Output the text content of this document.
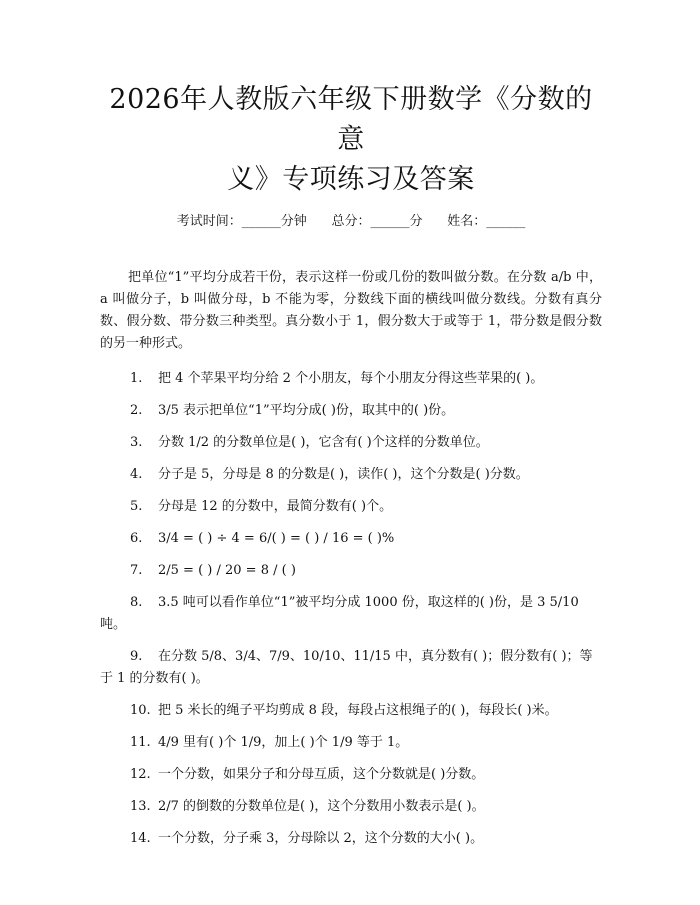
2026年人教版六年级下册数学《分数的意
义》专项练习及答案
考试时间：______分钟      总分：______分      姓名：______

把单位“1”平均分成若干份，表示这样一份或几份的数叫做分数。在分数 a/b 中，a 叫做分子，b 叫做分母，b 不能为零，分数线下面的横线叫做分数线。分数有真分数、假分数、带分数三种类型。真分数小于 1，假分数大于或等于 1，带分数是假分数的另一种形式。

1. 把 4 个苹果平均分给 2 个小朋友，每个小朋友分得这些苹果的( )。
2. 3/5 表示把单位“1”平均分成( )份，取其中的( )份。
3. 分数 1/2 的分数单位是( )，它含有( )个这样的分数单位。
4. 分子是 5，分母是 8 的分数是( )，读作( )，这个分数是( )分数。
5. 分母是 12 的分数中，最简分数有( )个。
6. 3/4 = ( ) ÷ 4 = 6/( ) = ( ) / 16 = ( )%
7. 2/5 = ( ) / 20 = 8 / ( )
8. 3.5 吨可以看作单位“1”被平均分成 1000 份，取这样的( )份，是 3 5/10 吨。
9. 在分数 5/8、3/4、7/9、10/10、11/15 中，真分数有( )；假分数有( )；等于 1 的分数有( )。
10. 把 5 米长的绳子平均剪成 8 段，每段占这根绳子的( )，每段长( )米。
11. 4/9 里有( )个 1/9，加上( )个 1/9 等于 1。
12. 一个分数，如果分子和分母互质，这个分数就是( )分数。
13. 2/7 的倒数的分数单位是( )，这个分数用小数表示是( )。
14. 一个分数，分子乘 3，分母除以 2，这个分数的大小( )。
